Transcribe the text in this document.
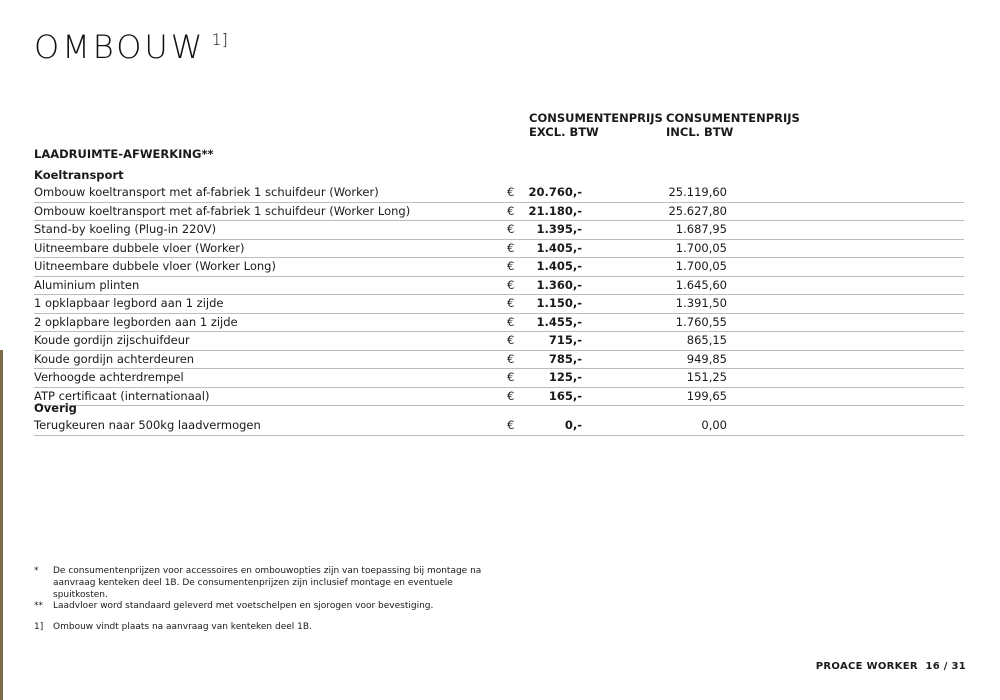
OMBOUW $^{1]}$
CONSUMENTENPRIJS
EXCL. BTW
CONSUMENTENPRIJS
INCL. BTW
LAADRUIMTE-AFWERKING**
Koeltransport
Ombouw koeltransport met af-fabriek 1 schuifdeur (Worker)	€ 20.760,-	25.119,60
Ombouw koeltransport met af-fabriek 1 schuifdeur (Worker Long)	€ 21.180,-	25.627,80
Stand-by koeling (Plug-in 220V)	€ 1.395,-	1.687,95
Uitneembare dubbele vloer (Worker)	€ 1.405,-	1.700,05
Uitneembare dubbele vloer (Worker Long)	€ 1.405,-	1.700,05
Aluminium plinten	€ 1.360,-	1.645,60
1 opklapbaar legbord aan 1 zijde	€ 1.150,-	1.391,50
2 opklapbare legborden aan 1 zijde	€ 1.455,-	1.760,55
Koude gordijn zijschuifdeur	€	715,-	865,15
Koude gordijn achterdeuren	€	785,-	949,85
Verhoogde achterdrempel	€	125,-	151,25
ATP certificaat (internationaal)	€	165,-	199,65
Overig
Terugkeuren naar 500kg laadvermogen	€	0,-	0,00
* De consumentenprijzen voor accessoires en ombouwopties zijn van toepassing bij montage na aanvraag kenteken deel 1B. De consumentenprijzen zijn inclusief montage en eventuele spuitkosten.
** Laadvloer word standaard geleverd met voetschelpen en sjorogen voor bevestiging.
1] Ombouw vindt plaats na aanvraag van kenteken deel 1B.
PROACE WORKER 16 / 31
